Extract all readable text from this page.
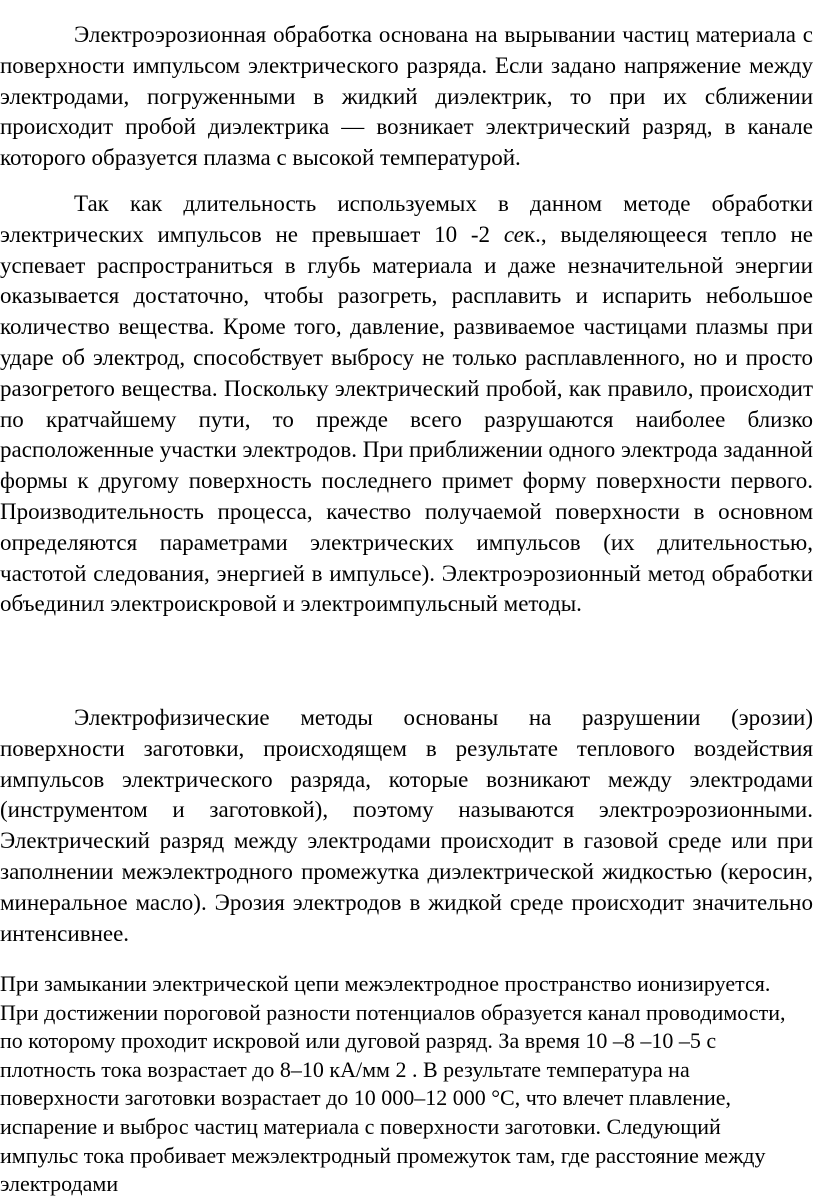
Электроэрозионная обработка основана на вырывании частиц материала с поверхности импульсом электрического разряда. Если задано напряжение между электродами, погруженными в жидкий диэлектрик, то при их сближении происходит пробой диэлектрика — возникает электрический разряд, в канале которого образуется плазма с высокой температурой.

Так как длительность используемых в данном методе обработки электрических импульсов не превышает 10 -2 сек., выделяющееся тепло не успевает распространиться в глубь материала и даже незначительной энергии оказывается достаточно, чтобы разогреть, расплавить и испарить небольшое количество вещества. Кроме того, давление, развиваемое частицами плазмы при ударе об электрод, способствует выбросу не только расплавленного, но и просто разогретого вещества. Поскольку электрический пробой, как правило, происходит по кратчайшему пути, то прежде всего разрушаются наиболее близко расположенные участки электродов. При приближении одного электрода заданной формы к другому поверхность последнего примет форму поверхности первого. Производительность процесса, качество получаемой поверхности в основном определяются параметрами электрических импульсов (их длительностью, частотой следования, энергией в импульсе). Электроэрозионный метод обработки объединил электроискровой и электроимпульсный методы.

Электрофизические методы основаны на разрушении (эрозии) поверхности заготовки, происходящем в результате теплового воздействия импульсов электрического разряда, которые возникают между электродами (инструментом и заготовкой), поэтому называются электроэрозионными. Электрический разряд между электродами происходит в газовой среде или при заполнении межэлектродного промежутка диэлектрической жидкостью (керосин, минеральное масло). Эрозия электродов в жидкой среде происходит значительно интенсивнее.

При замыкании электрической цепи межэлектродное пространство ионизируется. При достижении пороговой разности потенциалов образуется канал проводимости, по которому проходит искровой или дуговой разряд. За время 10 –8 –10 –5 с плотность тока возрастает до 8–10 кА/мм 2 . В результате температура на поверхности заготовки возрастает до 10 000–12 000 °С, что влечет плавление, испарение и выброс частиц материала с поверхности заготовки. Следующий импульс тока пробивает межэлектродный промежуток там, где расстояние между электродами
